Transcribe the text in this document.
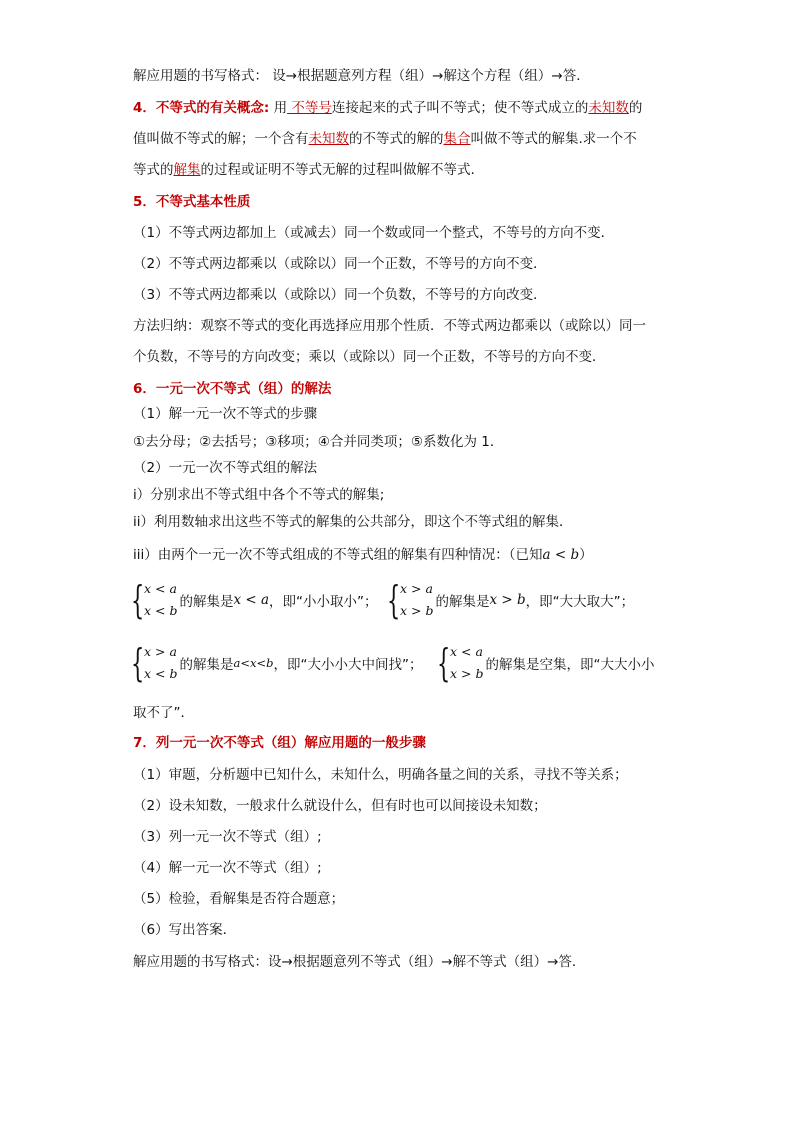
解应用题的书写格式： 设→根据题意列方程（组）→解这个方程（组）→答．
4．不等式的有关概念: 用 不等号连接起来的式子叫不等式；使不等式成立的未知数的
值叫做不等式的解；一个含有未知数的不等式的解的集合叫做不等式的解集.求一个不
等式的解集的过程或证明不等式无解的过程叫做解不等式.
5．不等式基本性质
（1）不等式两边都加上（或减去）同一个数或同一个整式，不等号的方向不变．
（2）不等式两边都乘以（或除以）同一个正数，不等号的方向不变．
（3）不等式两边都乘以（或除以）同一个负数，不等号的方向改变．
方法归纳：观察不等式的变化再选择应用那个性质．不等式两边都乘以（或除以）同一
个负数，不等号的方向改变；乘以（或除以）同一个正数，不等号的方向不变．
6．一元一次不等式（组）的解法
（1）解一元一次不等式的步骤
①去分母；②去括号；③移项；④合并同类项；⑤系数化为 1．
（2）一元一次不等式组的解法
i）分别求出不等式组中各个不等式的解集;
ii）利用数轴求出这些不等式的解集的公共部分，即这个不等式组的解集．
iii）由两个一元一次不等式组成的不等式组的解集有四种情况：（已知a < b）
{ x < a
x < b
的解集是 x < a ，即“小小取小”； { x > a
x > b
的解集是 x > b ，即“大大取大”；
{ x > a
x < b
的解集是 a<x<b ，即“大小小大中间找”； { x < a
x > b
的解集是空集，即“大大小小
取不了”．
7．列一元一次不等式（组）解应用题的一般步骤
（1）审题，分析题中已知什么，未知什么，明确各量之间的关系，寻找不等关系；
（2）设未知数，一般求什么就设什么，但有时也可以间接设未知数；
（3）列一元一次不等式（组）;
（4）解一元一次不等式（组）;
（5）检验，看解集是否符合题意；
（6）写出答案．
解应用题的书写格式：设→根据题意列不等式（组）→解不等式（组）→答．
